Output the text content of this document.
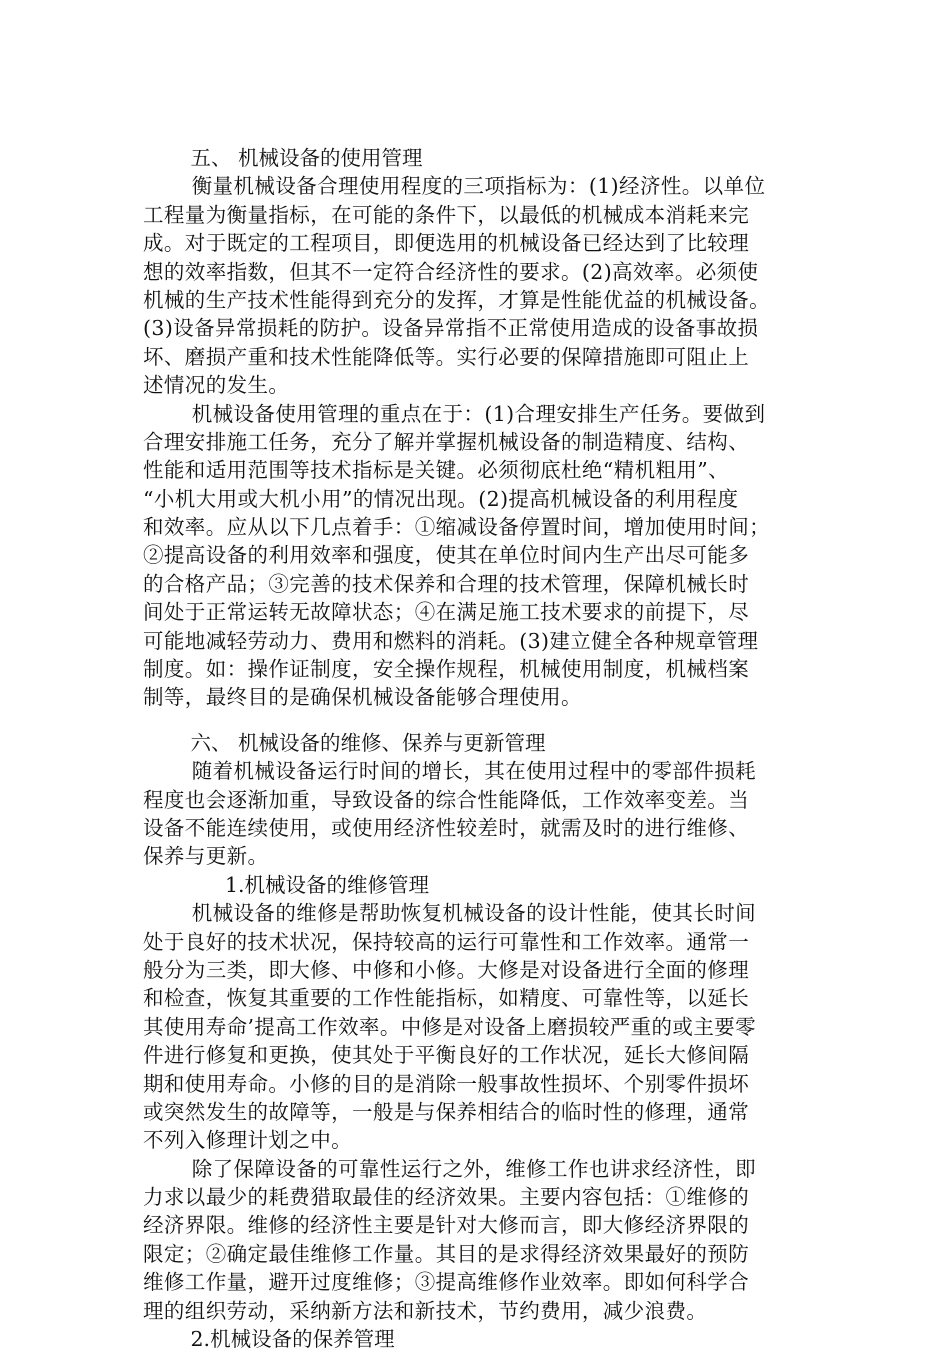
　　 五、 机械设备的使用管理
　　 衡量机械设备合理使用程度的三项指标为：(1)经济性。以单位
工程量为衡量指标，在可能的条件下，以最低的机械成本消耗来完
成。对于既定的工程项目，即便选用的机械设备已经达到了比较理
想的效率指数，但其不一定符合经济性的要求。(2)高效率。必须使
机械的生产技术性能得到充分的发挥，才算是性能优益的机械设备。
(3)设备异常损耗的防护。设备异常指不正常使用造成的设备事故损
坏、磨损产重和技术性能降低等。实行必要的保障措施即可阻止上
述情况的发生。
　　 机械设备使用管理的重点在于：(1)合理安排生产任务。要做到
合理安排施工任务，充分了解并掌握机械设备的制造精度、结构、
性能和适用范围等技术指标是关键。必须彻底杜绝“精机粗用”、
“小机大用或大机小用”的情况出现。(2)提高机械设备的利用程度
和效率。应从以下几点着手：①缩减设备停置时间，增加使用时间；
②提高设备的利用效率和强度，使其在单位时间内生产出尽可能多
的合格产品；③完善的技术保养和合理的技术管理，保障机械长时
间处于正常运转无故障状态；④在满足施工技术要求的前提下，尽
可能地减轻劳动力、费用和燃料的消耗。(3)建立健全各种规章管理
制度。如：操作证制度，安全操作规程，机械使用制度，机械档案
制等，最终目的是确保机械设备能够合理使用。
　　 六、 机械设备的维修、保养与更新管理
　　 随着机械设备运行时间的增长，其在使用过程中的零部件损耗
程度也会逐渐加重，导致设备的综合性能降低，工作效率变差。当
设备不能连续使用，或使用经济性较差时，就需及时的进行维修、
保养与更新。
　　　　1.机械设备的维修管理
　　 机械设备的维修是帮助恢复机械设备的设计性能，使其长时间
处于良好的技术状况，保持较高的运行可靠性和工作效率。通常一
般分为三类，即大修、中修和小修。大修是对设备进行全面的修理
和检查，恢复其重要的工作性能指标，如精度、可靠性等，以延长
其使用寿命’提高工作效率。中修是对设备上磨损较严重的或主要零
件进行修复和更换，使其处于平衡良好的工作状况，延长大修间隔
期和使用寿命。小修的目的是消除一般事故性损坏、个别零件损坏
或突然发生的故障等，一般是与保养相结合的临时性的修理，通常
不列入修理计划之中。
　　 除了保障设备的可靠性运行之外，维修工作也讲求经济性，即
力求以最少的耗费猎取最佳的经济效果。主要内容包括：①维修的
经济界限。维修的经济性主要是针对大修而言，即大修经济界限的
限定；②确定最佳维修工作量。其目的是求得经济效果最好的预防
维修工作量，避开过度维修；③提高维修作业效率。即如何科学合
理的组织劳动，采纳新方法和新技术，节约费用，减少浪费。
　　 2.机械设备的保养管理
